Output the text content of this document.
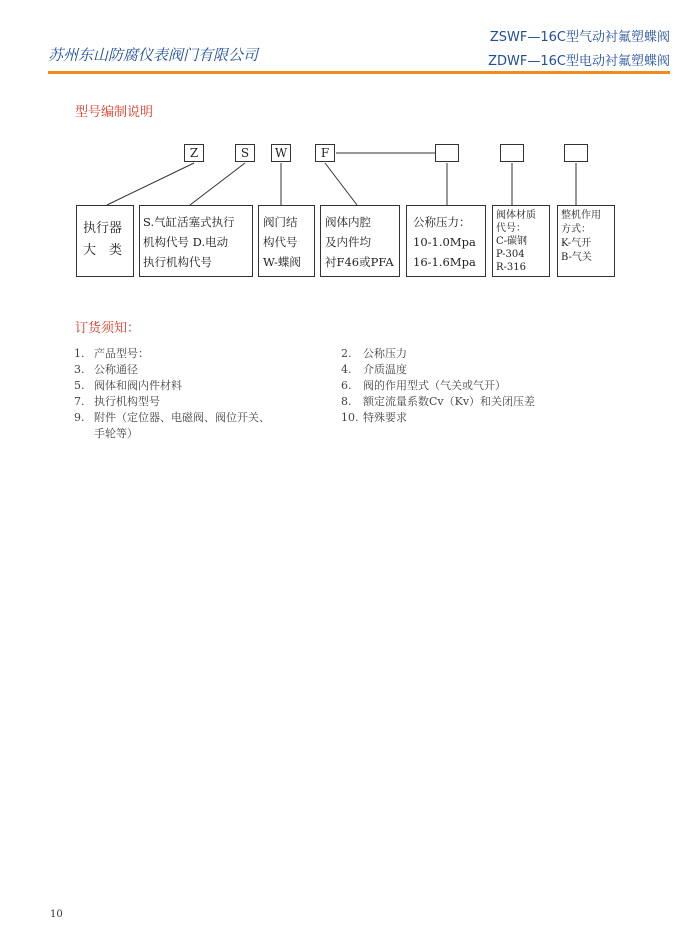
苏州东山防腐仪表阀门有限公司
ZSWF—16C型气动衬氟塑蝶阀
ZDWF—16C型电动衬氟塑蝶阀
型号编制说明
Z	S	W	F
执行器
大　类
S.气缸活塞式执行
机构代号 D.电动
执行机构代号
阀门结
构代号
W-蝶阀
阀体内腔
及内件均
衬F46或PFA
公称压力：
10-1.0Mpa
16-1.6Mpa
阀体材质
代号：
C-碳钢
P-304
R-316
整机作用
方式：
K-气开
B-气关
订货须知：
1. 产品型号：
3. 公称通径
5. 阀体和阀内件材料
7. 执行机构型号
9. 附件（定位器、电磁阀、阀位开关、
手轮等）
2. 公称压力
4. 介质温度
6. 阀的作用型式（气关或气开）
8. 额定流量系数Cv（Kv）和关闭压差
10. 特殊要求
10
